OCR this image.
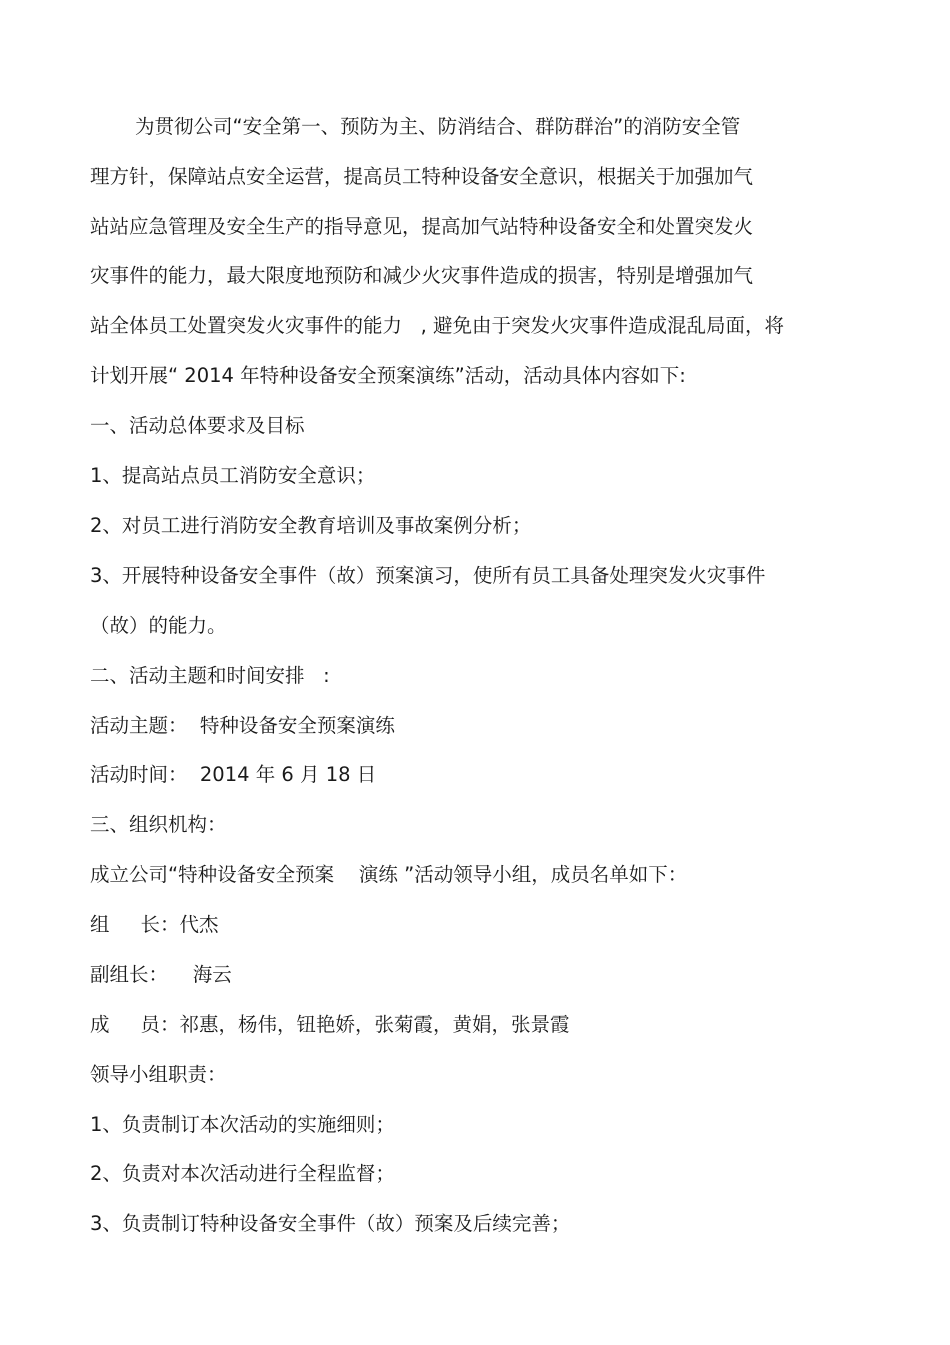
为贯彻公司“安全第一、预防为主、防消结合、群防群治”的消防安全管
理方针，保障站点安全运营，提高员工特种设备安全意识，根据关于加强加气
站站应急管理及安全生产的指导意见，提高加气站特种设备安全和处置突发火
灾事件的能力，最大限度地预防和减少火灾事件造成的损害，特别是增强加气
站全体员工处置突发火灾事件的能力   , 避免由于突发火灾事件造成混乱局面，将
计划开展“ 2014 年特种设备安全预案演练”活动，活动具体内容如下:
一、活动总体要求及目标
1、提高站点员工消防安全意识；
2、对员工进行消防安全教育培训及事故案例分析；
3、开展特种设备安全事件（故）预案演习，使所有员工具备处理突发火灾事件
（故）的能力。
二、活动主题和时间安排   :
活动主题：  特种设备安全预案演练
活动时间：  2014 年 6 月 18 日
三、组织机构：
成立公司“特种设备安全预案    演练 ”活动领导小组，成员名单如下：
组     长：代杰
副组长：    海云
成     员：祁惠，杨伟，钮艳娇，张菊霞，黄娟，张景霞
领导小组职责：
1、负责制订本次活动的实施细则；
2、负责对本次活动进行全程监督；
3、负责制订特种设备安全事件（故）预案及后续完善；
